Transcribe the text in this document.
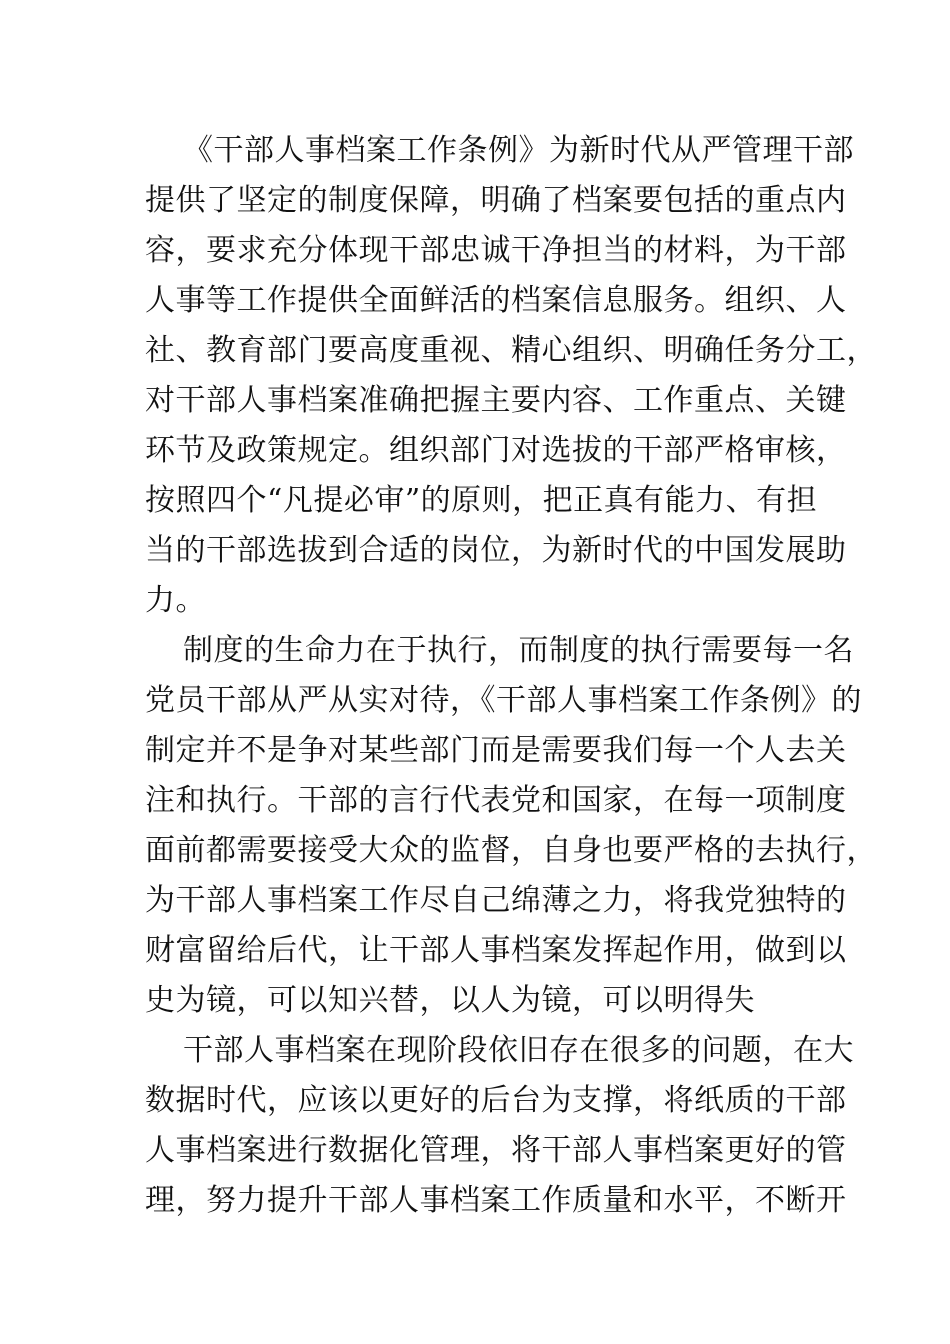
《干部人事档案工作条例》为新时代从严管理干部
提供了坚定的制度保障，明确了档案要包括的重点内
容，要求充分体现干部忠诚干净担当的材料，为干部
人事等工作提供全面鲜活的档案信息服务。组织、人
社、教育部门要高度重视、精心组织、明确任务分工，
对干部人事档案准确把握主要内容、工作重点、关键
环节及政策规定。组织部门对选拔的干部严格审核，
按照四个“凡提必审”的原则，把正真有能力、有担
当的干部选拔到合适的岗位，为新时代的中国发展助
力。
制度的生命力在于执行，而制度的执行需要每一名
党员干部从严从实对待，《干部人事档案工作条例》的
制定并不是争对某些部门而是需要我们每一个人去关
注和执行。干部的言行代表党和国家，在每一项制度
面前都需要接受大众的监督，自身也要严格的去执行，
为干部人事档案工作尽自己绵薄之力，将我党独特的
财富留给后代，让干部人事档案发挥起作用，做到以
史为镜，可以知兴替，以人为镜，可以明得失
干部人事档案在现阶段依旧存在很多的问题，在大
数据时代，应该以更好的后台为支撑，将纸质的干部
人事档案进行数据化管理，将干部人事档案更好的管
理，努力提升干部人事档案工作质量和水平，不断开
